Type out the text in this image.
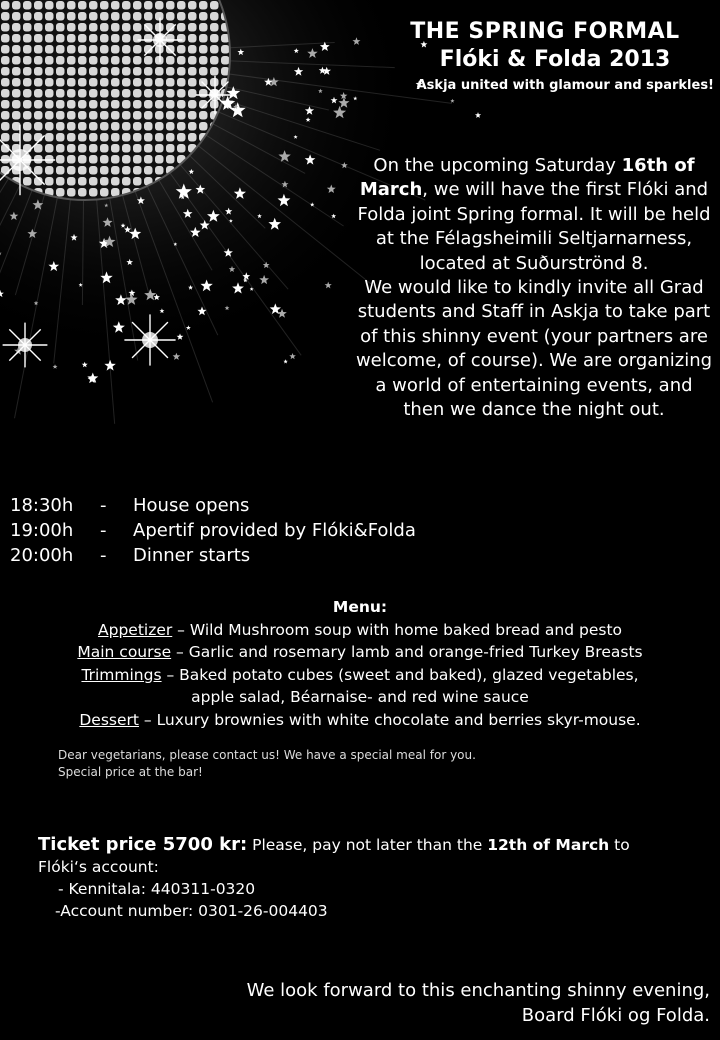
THE SPRING FORMAL
Flóki & Folda 2013
Askja united with glamour and sparkles!
On the upcoming Saturday 16th of March, we will have the first Flóki and Folda joint Spring formal. It will be held at the Félagsheimili Seltjarnarness, located at Suðurströnd 8.
We would like to kindly invite all Grad students and Staff in Askja to take part of this shinny event (your partners are welcome, of course). We are organizing a world of entertaining events, and then we dance the night out.
18:30h - House opens
19:00h - Apertif provided by Flóki&Folda
20:00h - Dinner starts
Menu:
Appetizer – Wild Mushroom soup with home baked bread and pesto
Main course – Garlic and rosemary lamb and orange-fried Turkey Breasts
Trimmings – Baked potato cubes (sweet and baked), glazed vegetables,
apple salad, Béarnaise- and red wine sauce
Dessert – Luxury brownies with white chocolate and berries skyr-mouse.
Dear vegetarians, please contact us! We have a special meal for you.
Special price at the bar!
Ticket price 5700 kr: Please, pay not later than the 12th of March to
Flóki‘s account:
- Kennitala: 440311-0320
-Account number: 0301-26-004403
We look forward to this enchanting shinny evening,
Board Flóki og Folda.
